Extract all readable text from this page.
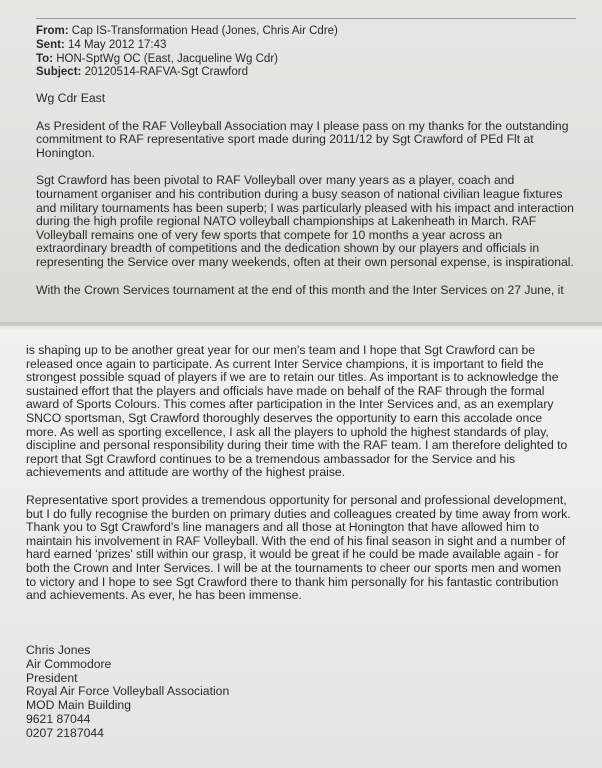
From: Cap IS-Transformation Head (Jones, Chris Air Cdre)
Sent: 14 May 2012 17:43
To: HON-SptWg OC (East, Jacqueline Wg Cdr)
Subject: 20120514-RAFVA-Sgt Crawford

Wg Cdr East

As President of the RAF Volleyball Association may I please pass on my thanks for the outstanding commitment to RAF representative sport made during 2011/12 by Sgt Crawford of PEd Flt at Honington.

Sgt Crawford has been pivotal to RAF Volleyball over many years as a player, coach and tournament organiser and his contribution during a busy season of national civilian league fixtures and military tournaments has been superb; I was particularly pleased with his impact and interaction during the high profile regional NATO volleyball championships at Lakenheath in March. RAF Volleyball remains one of very few sports that compete for 10 months a year across an extraordinary breadth of competitions and the dedication shown by our players and officials in representing the Service over many weekends, often at their own personal expense, is inspirational.

With the Crown Services tournament at the end of this month and the Inter Services on 27 June, it

is shaping up to be another great year for our men's team and I hope that Sgt Crawford can be released once again to participate. As current Inter Service champions, it is important to field the strongest possible squad of players if we are to retain our titles. As important is to acknowledge the sustained effort that the players and officials have made on behalf of the RAF through the formal award of Sports Colours. This comes after participation in the Inter Services and, as an exemplary SNCO sportsman, Sgt Crawford thoroughly deserves the opportunity to earn this accolade once more. As well as sporting excellence, I ask all the players to uphold the highest standards of play, discipline and personal responsibility during their time with the RAF team. I am therefore delighted to report that Sgt Crawford continues to be a tremendous ambassador for the Service and his achievements and attitude are worthy of the highest praise.

Representative sport provides a tremendous opportunity for personal and professional development, but I do fully recognise the burden on primary duties and colleagues created by time away from work. Thank you to Sgt Crawford's line managers and all those at Honington that have allowed him to maintain his involvement in RAF Volleyball. With the end of his final season in sight and a number of hard earned ‘prizes' still within our grasp, it would be great if he could be made available again - for both the Crown and Inter Services. I will be at the tournaments to cheer our sports men and women to victory and I hope to see Sgt Crawford there to thank him personally for his fantastic contribution and achievements. As ever, he has been immense.

Chris Jones
Air Commodore
President
Royal Air Force Volleyball Association
MOD Main Building
9621 87044
0207 2187044
